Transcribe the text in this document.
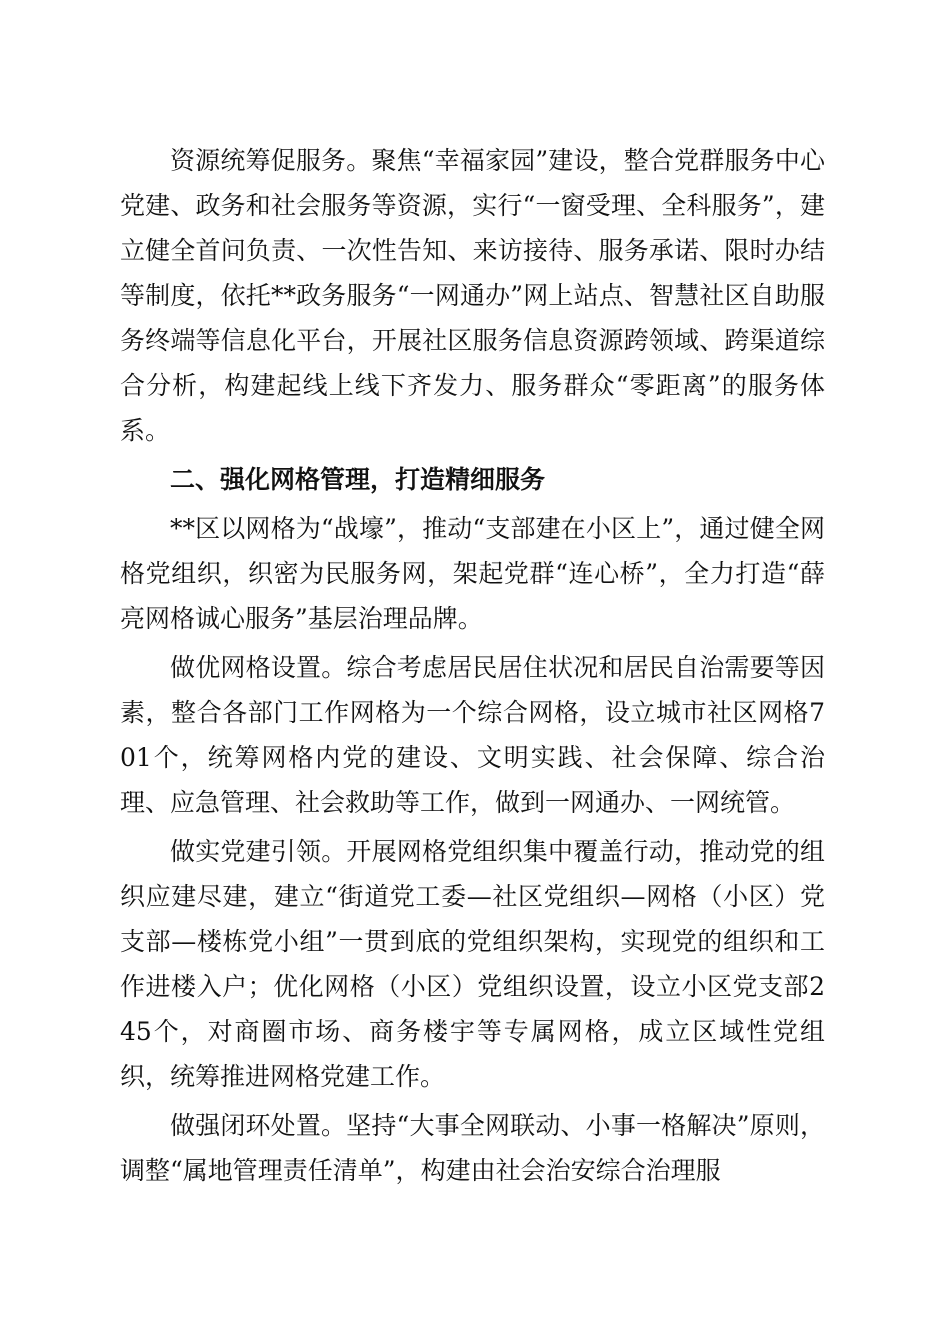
资源统筹促服务。聚焦“幸福家园”建设，整合党群服务中心党建、政务和社会服务等资源，实行“一窗受理、全科服务”，建立健全首问负责、一次性告知、来访接待、服务承诺、限时办结等制度，依托**政务服务“一网通办”网上站点、智慧社区自助服务终端等信息化平台，开展社区服务信息资源跨领域、跨渠道综合分析，构建起线上线下齐发力、服务群众“零距离”的服务体系。

二、强化网格管理，打造精细服务

**区以网格为“战壕”，推动“支部建在小区上”，通过健全网格党组织，织密为民服务网，架起党群“连心桥”，全力打造“薛亮网格诚心服务”基层治理品牌。

做优网格设置。综合考虑居民居住状况和居民自治需要等因素，整合各部门工作网格为一个综合网格，设立城市社区网格701个，统筹网格内党的建设、文明实践、社会保障、综合治理、应急管理、社会救助等工作，做到一网通办、一网统管。

做实党建引领。开展网格党组织集中覆盖行动，推动党的组织应建尽建，建立“街道党工委—社区党组织—网格（小区）党支部—楼栋党小组”一贯到底的党组织架构，实现党的组织和工作进楼入户；优化网格（小区）党组织设置，设立小区党支部245个，对商圈市场、商务楼宇等专属网格，成立区域性党组织，统筹推进网格党建工作。

做强闭环处置。坚持“大事全网联动、小事一格解决”原则，调整“属地管理责任清单”，构建由社会治安综合治理服
